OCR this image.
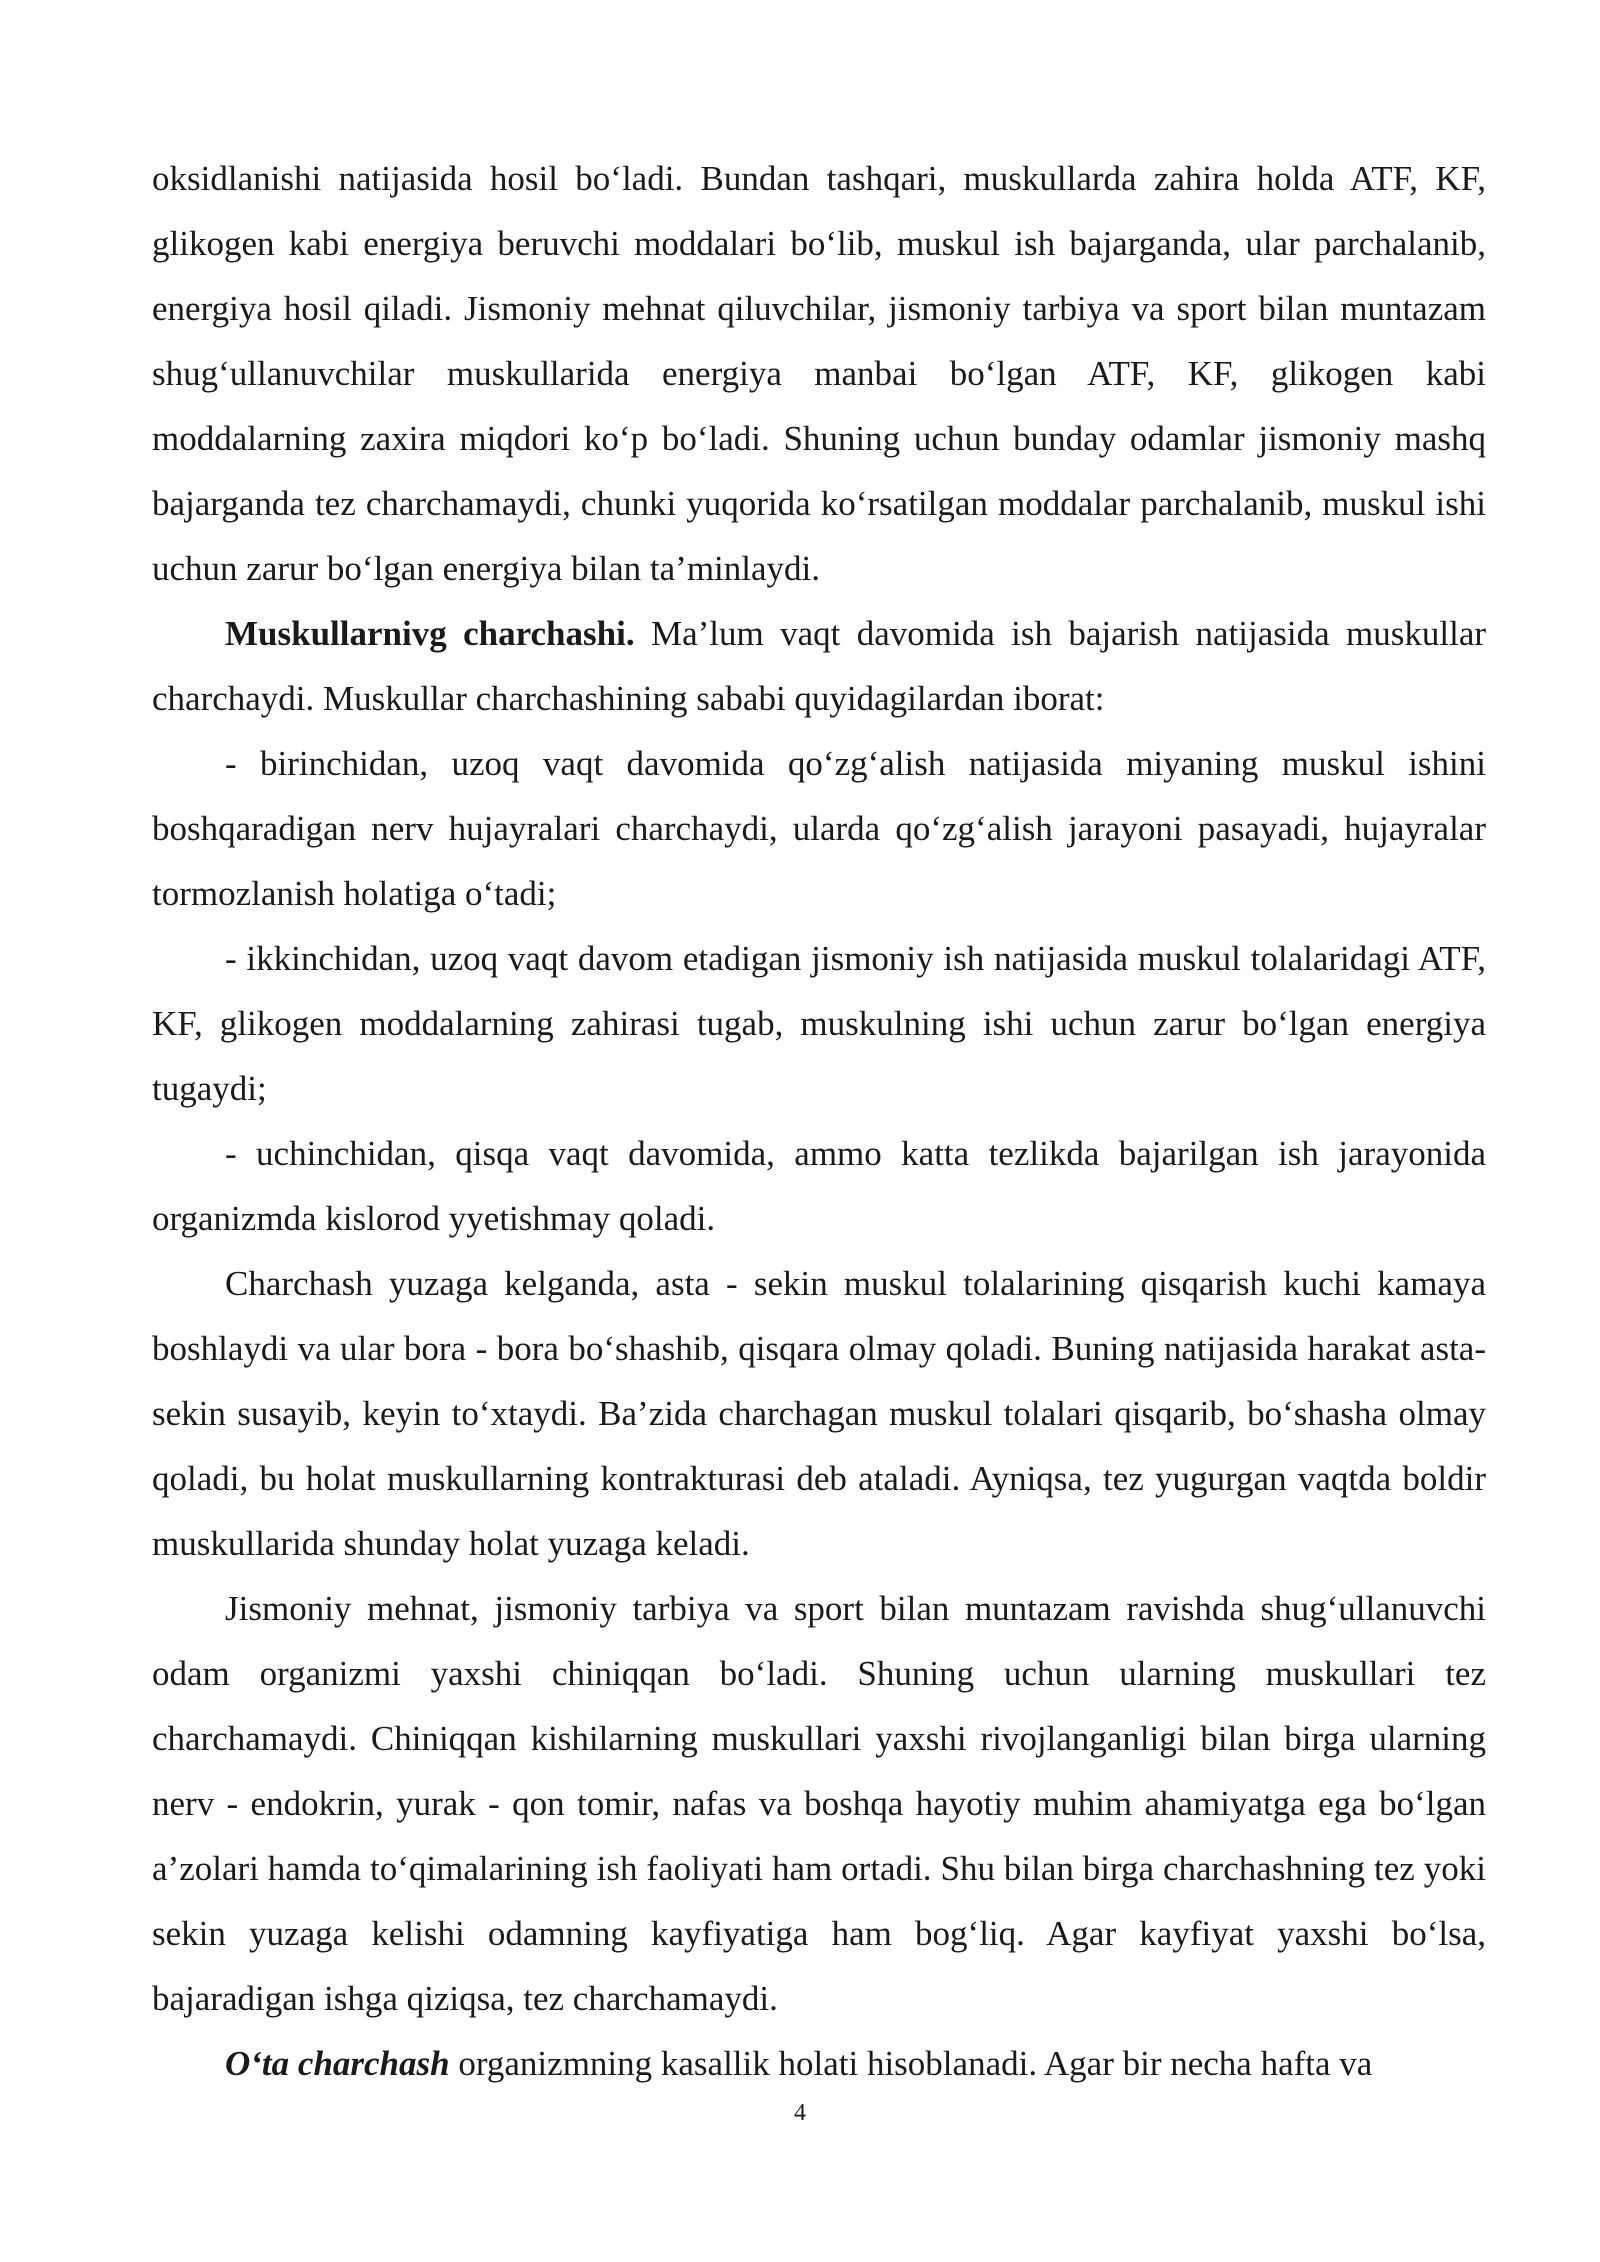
oksidlanishi natijasida hosil bo‘ladi. Bundan tashqari, muskullarda zahira holda ATF, KF, glikogen kabi energiya beruvchi moddalari bo‘lib, muskul ish bajarganda, ular parchalanib, energiya hosil qiladi. Jismoniy mehnat qiluvchilar, jismoniy tarbiya va sport bilan muntazam shug‘ullanuvchilar muskullarida energiya manbai bo‘lgan ATF, KF, glikogen kabi moddalarning zaxira miqdori ko‘p bo‘ladi. Shuning uchun bunday odamlar jismoniy mashq bajarganda tez charchamaydi, chunki yuqorida ko‘rsatilgan moddalar parchalanib, muskul ishi uchun zarur bo‘lgan energiya bilan ta’minlaydi.

Muskullarnivg charchashi. Ma’lum vaqt davomida ish bajarish natijasida muskullar charchaydi. Muskullar charchashining sababi quyidagilardan iborat:

- birinchidan, uzoq vaqt davomida qo‘zg‘alish natijasida miyaning muskul ishini boshqaradigan nerv hujayralari charchaydi, ularda qo‘zg‘alish jarayoni pasayadi, hujayralar tormozlanish holatiga o‘tadi;

- ikkinchidan, uzoq vaqt davom etadigan jismoniy ish natijasida muskul tolalaridagi ATF, KF, glikogen moddalarning zahirasi tugab, muskulning ishi uchun zarur bo‘lgan energiya tugaydi;

- uchinchidan, qisqa vaqt davomida, ammo katta tezlikda bajarilgan ish jarayonida organizmda kislorod yyetishmay qoladi.

Charchash yuzaga kelganda, asta - sekin muskul tolalarining qisqarish kuchi kamaya boshlaydi va ular bora - bora bo‘shashib, qisqara olmay qoladi. Buning natijasida harakat asta-sekin susayib, keyin to‘xtaydi. Ba’zida charchagan muskul tolalari qisqarib, bo‘shasha olmay qoladi, bu holat muskullarning kontrakturasi deb ataladi. Ayniqsa, tez yugurgan vaqtda boldir muskullarida shunday holat yuzaga keladi.

Jismoniy mehnat, jismoniy tarbiya va sport bilan muntazam ravishda shug‘ullanuvchi odam organizmi yaxshi chiniqqan bo‘ladi. Shuning uchun ularning muskullari tez charchamaydi. Chiniqqan kishilarning muskullari yaxshi rivojlanganligi bilan birga ularning nerv - endokrin, yurak - qon tomir, nafas va boshqa hayotiy muhim ahamiyatga ega bo‘lgan a’zolari hamda to‘qimalarining ish faoliyati ham ortadi. Shu bilan birga charchashning tez yoki sekin yuzaga kelishi odamning kayfiyatiga ham bog‘liq. Agar kayfiyat yaxshi bo‘lsa, bajaradigan ishga qiziqsa, tez charchamaydi.

O‘ta charchash organizmning kasallik holati hisoblanadi. Agar bir necha hafta va

4
